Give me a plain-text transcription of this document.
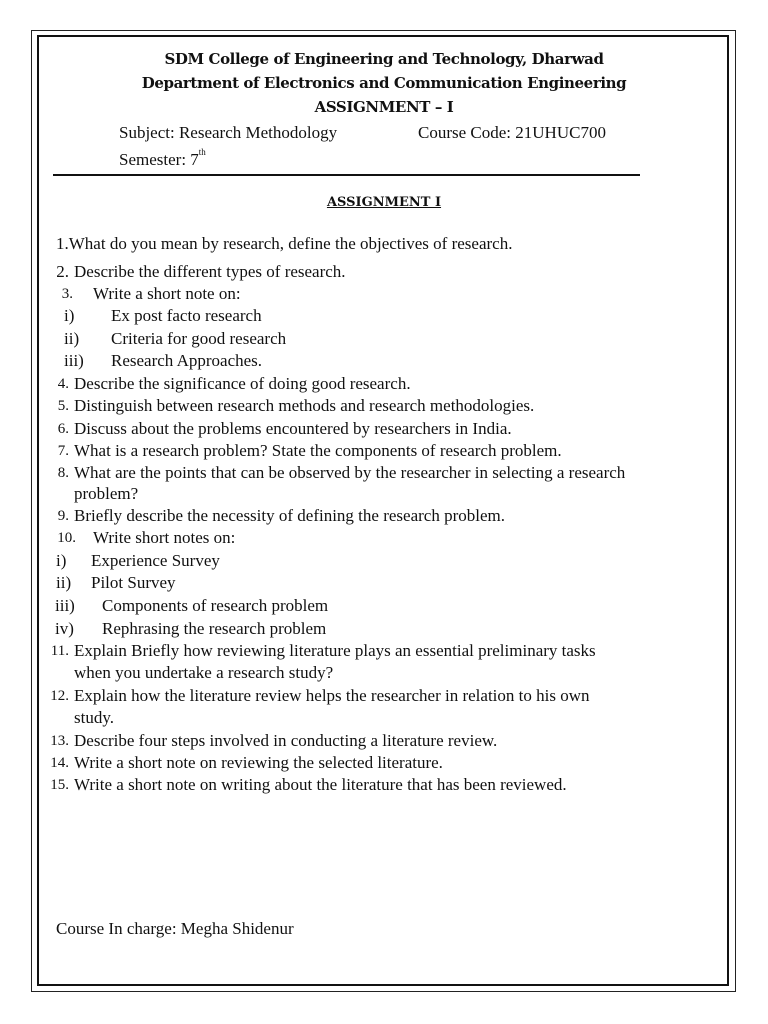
SDM College of Engineering and Technology, Dharwad
Department of Electronics and Communication Engineering
ASSIGNMENT – I
Subject: Research Methodology	Course Code: 21UHUC700
Semester: 7th
ASSIGNMENT I
1.What do you mean by research, define the objectives of research.
2. Describe the different types of research.
3. Write a short note on:
i) Ex post facto research
ii) Criteria for good research
iii) Research Approaches.
4. Describe the significance of doing good research.
5. Distinguish between research methods and research methodologies.
6. Discuss about the problems encountered by researchers in India.
7. What is a research problem? State the components of research problem.
8. What are the points that can be observed by the researcher in selecting a research
problem?
9. Briefly describe the necessity of defining the research problem.
10. Write short notes on:
i) Experience Survey
ii) Pilot Survey
iii) Components of research problem
iv) Rephrasing the research problem
11. Explain Briefly how reviewing literature plays an essential preliminary tasks
when you undertake a research study?
12. Explain how the literature review helps the researcher in relation to his own
study.
13. Describe four steps involved in conducting a literature review.
14. Write a short note on reviewing the selected literature.
15. Write a short note on writing about the literature that has been reviewed.
Course In charge: Megha Shidenur
